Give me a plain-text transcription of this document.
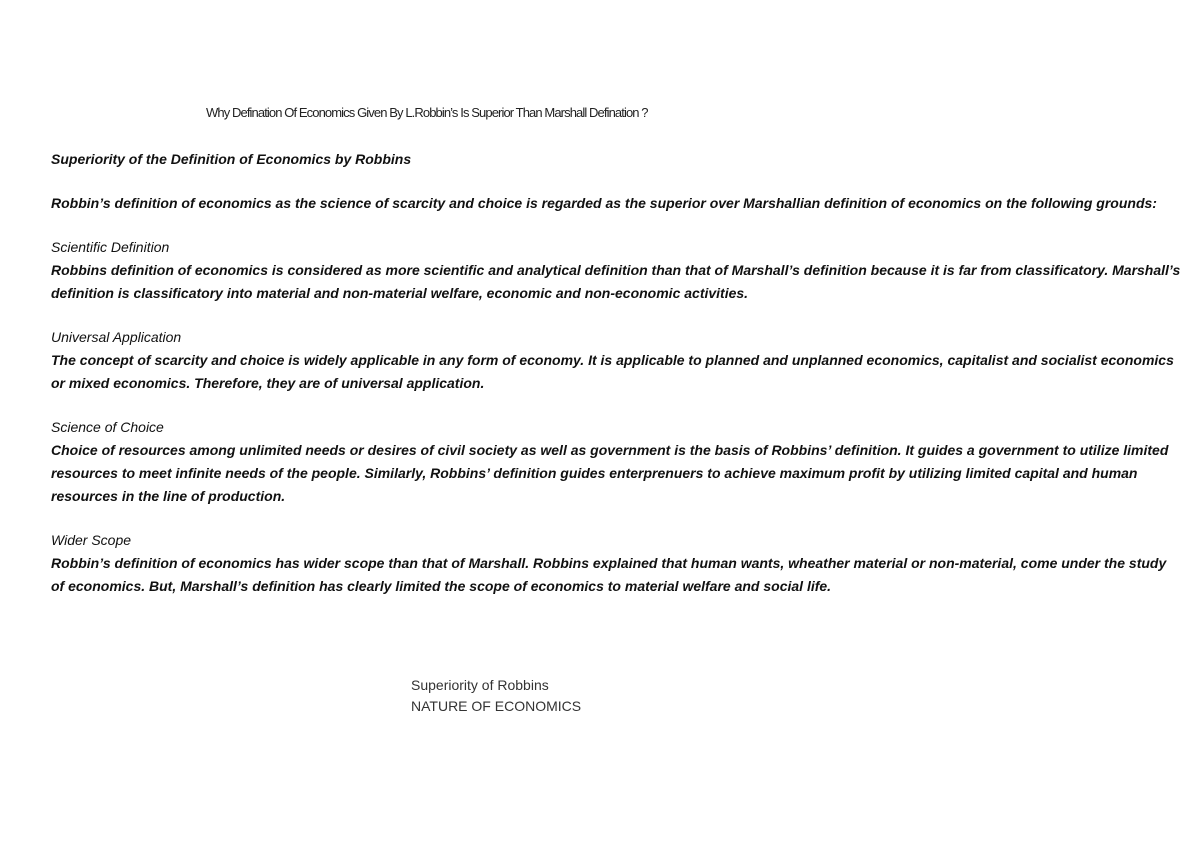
Why Defination Of Economics Given By L.Robbin’s Is Superior Than Marshall Defination ?

Superiority of the Definition of Economics by Robbins

Robbin’s definition of economics as the science of scarcity and choice is regarded as the superior over Marshallian definition of economics on the following grounds:

Scientific Definition
Robbins definition of economics is considered as more scientific and analytical definition than that of Marshall’s definition because it is far from classificatory. Marshall’s definition is classificatory into material and non-material welfare, economic and non-economic activities.
Universal Application
The concept of scarcity and choice is widely applicable in any form of economy. It is applicable to planned and unplanned economics, capitalist and socialist economics or mixed economics. Therefore, they are of universal application.
Science of Choice
Choice of resources among unlimited needs or desires of civil society as well as government is the basis of Robbins’ definition. It guides a government to utilize limited resources to meet infinite needs of the people. Similarly, Robbins’ definition guides enterprenuers to achieve maximum profit by utilizing limited capital and human resources in the line of production.
Wider Scope
Robbin’s definition of economics has wider scope than that of Marshall. Robbins explained that human wants, wheather material or non-material, come under the study of economics. But, Marshall’s definition has clearly limited the scope of economics to material welfare and social life.
Superiority of Robbins
NATURE OF ECONOMICS
